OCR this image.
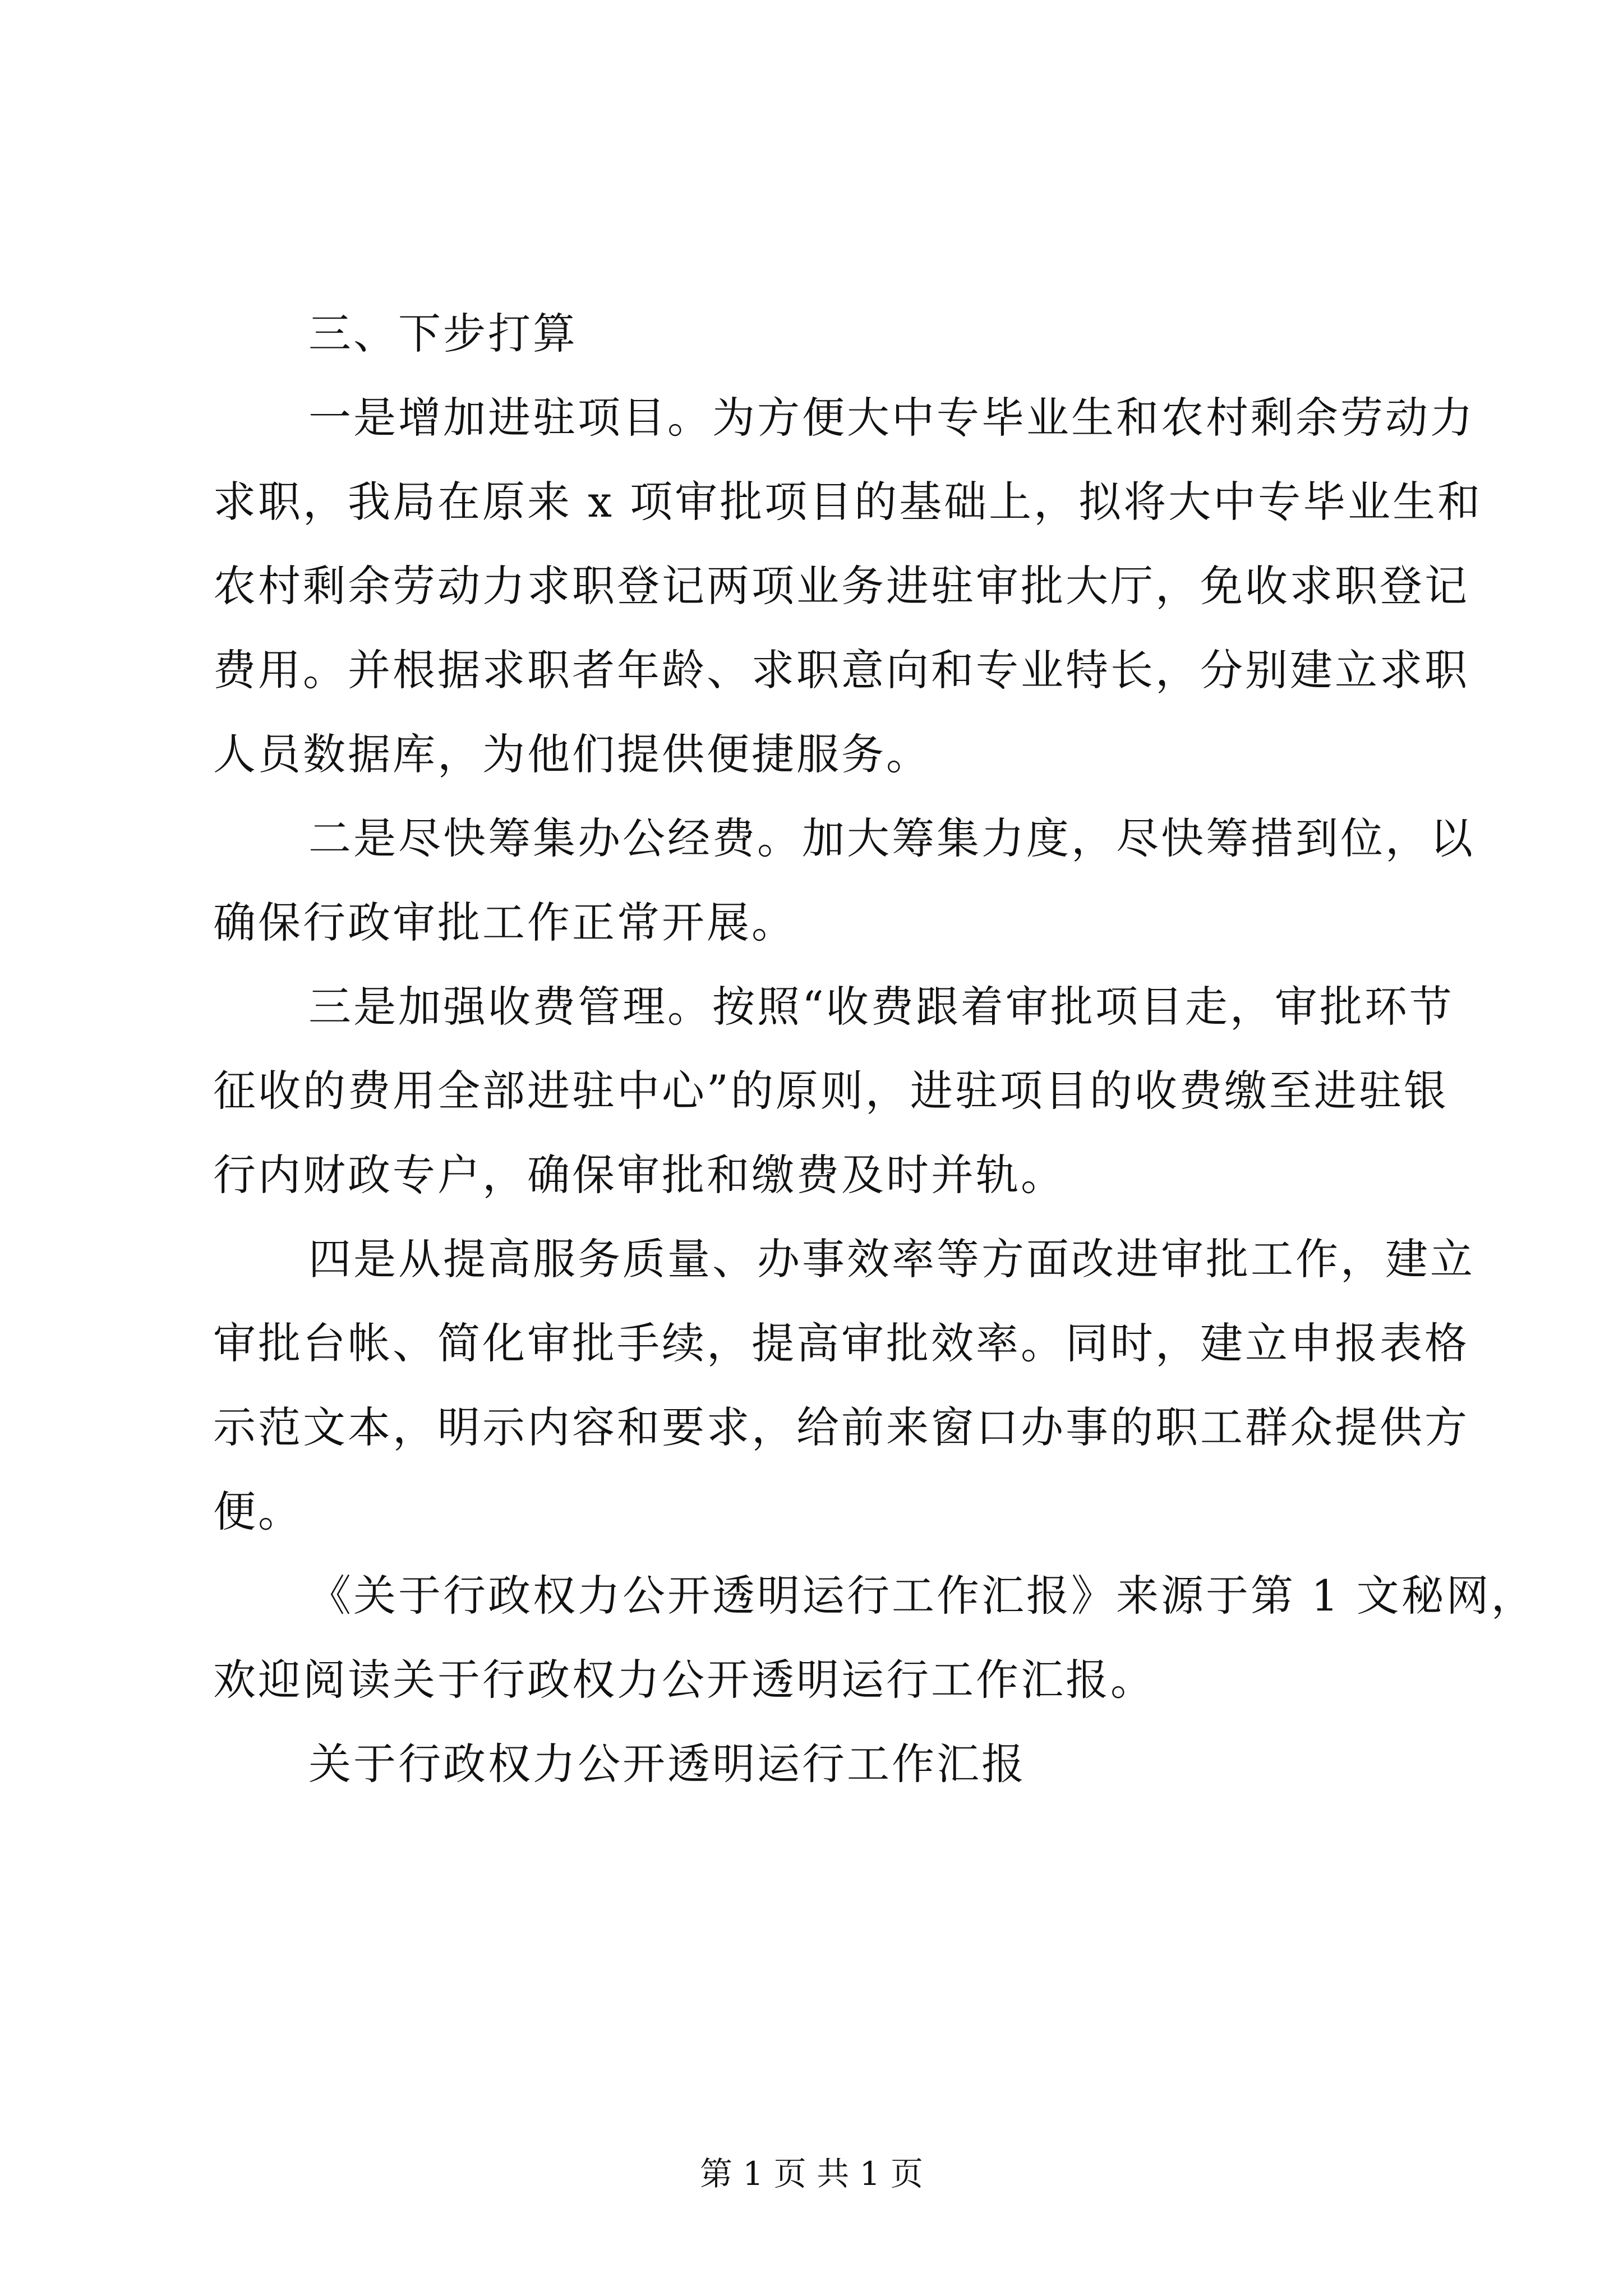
三、下步打算
一是增加进驻项目。为方便大中专毕业生和农村剩余劳动力
求职，我局在原来 x 项审批项目的基础上，拟将大中专毕业生和
农村剩余劳动力求职登记两项业务进驻审批大厅，免收求职登记
费用。并根据求职者年龄、求职意向和专业特长，分别建立求职
人员数据库，为他们提供便捷服务。
二是尽快筹集办公经费。加大筹集力度，尽快筹措到位，以
确保行政审批工作正常开展。
三是加强收费管理。按照“收费跟着审批项目走，审批环节
征收的费用全部进驻中心”的原则，进驻项目的收费缴至进驻银
行内财政专户，确保审批和缴费及时并轨。
四是从提高服务质量、办事效率等方面改进审批工作，建立
审批台帐、简化审批手续，提高审批效率。同时，建立申报表格
示范文本，明示内容和要求，给前来窗口办事的职工群众提供方
便。
《关于行政权力公开透明运行工作汇报》来源于第 1 文秘网，
欢迎阅读关于行政权力公开透明运行工作汇报。
关于行政权力公开透明运行工作汇报
第 1 页 共 1 页
